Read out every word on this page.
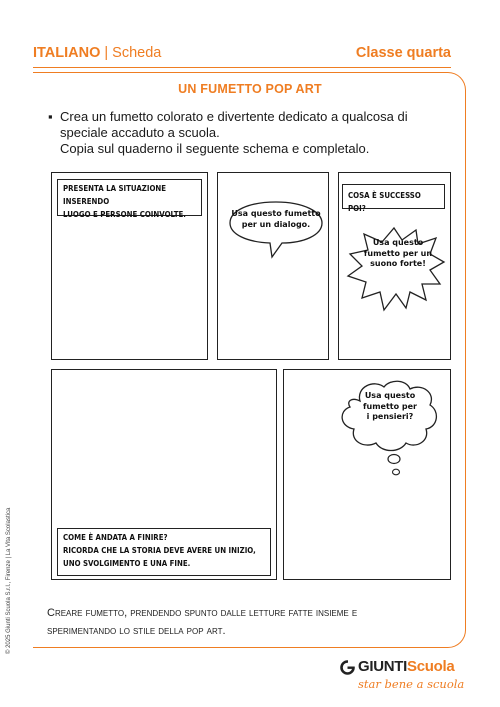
ITALIANO | Scheda	Classe quarta
UN FUMETTO POP ART
▪ Crea un fumetto colorato e divertente dedicato a qualcosa di
speciale accaduto a scuola.
Copia sul quaderno il seguente schema e completalo.
PRESENTA LA SITUAZIONE INSERENDO
LUOGO E PERSONE COINVOLTE.	Usa questo fumetto
per un dialogo.
COSA È SUCCESSO POI?
Usa questo
fumetto per un
suono forte!
COME È ANDATA A FINIRE?
RICORDA CHE LA STORIA DEVE AVERE UN INIZIO,
UNO SVOLGIMENTO E UNA FINE.
Usa questo
fumetto per
i pensieri?
Creare fumetto, prendendo spunto dalle letture fatte insieme e
sperimentando lo stile della pop art.
© 2025 Giunti Scuola S.r.l., Firenze | La Vita Scolastica
GIUNTIScuola
star bene a scuola
